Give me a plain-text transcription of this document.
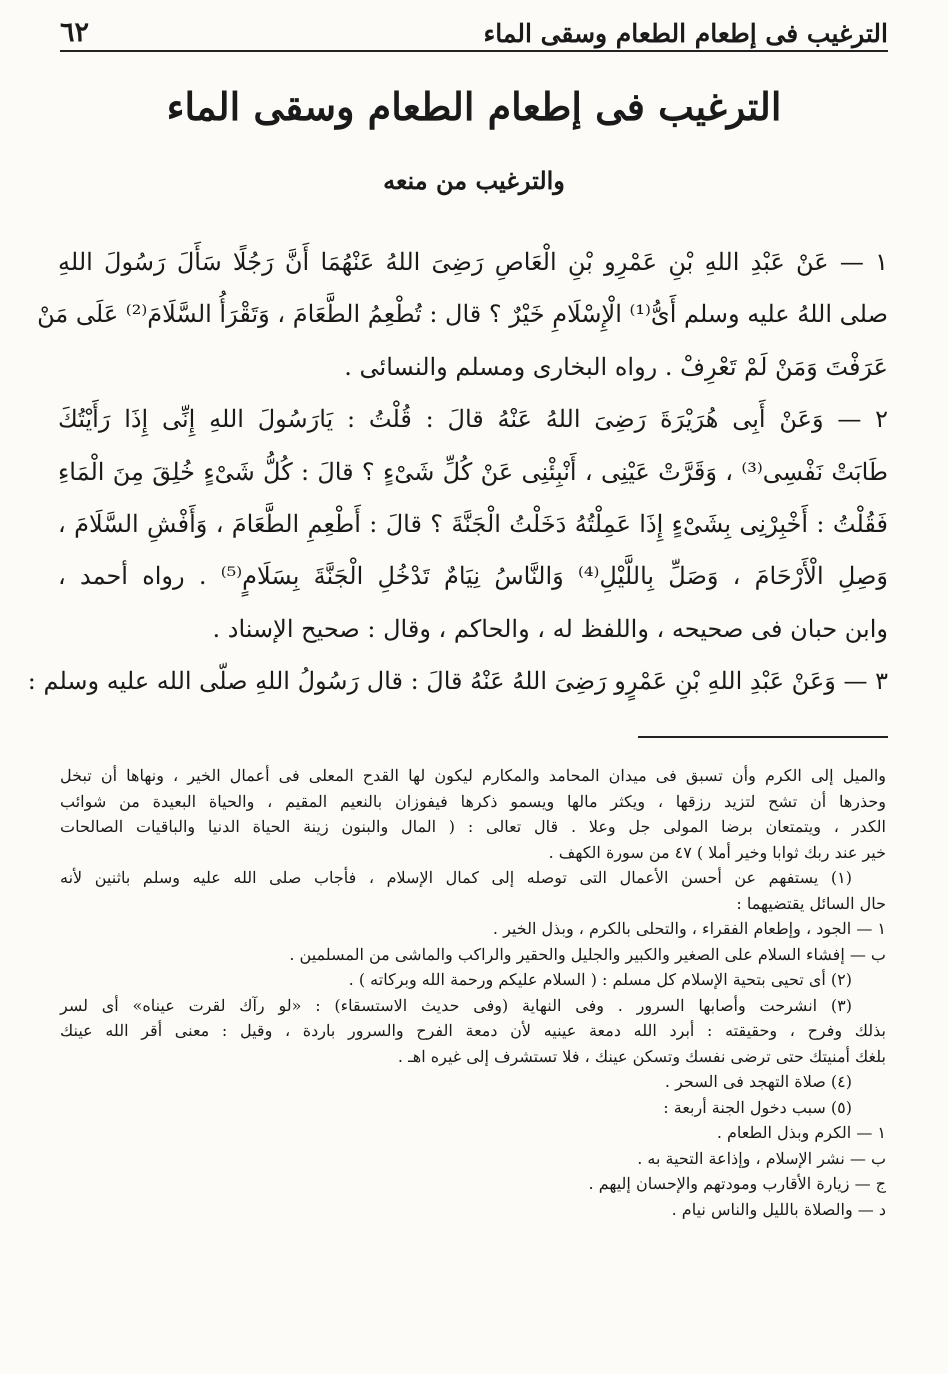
الترغيب فى إطعام الطعام وسقى الماء
٦٢
الترغيب فى إطعام الطعام وسقى الماء
والترغيب من منعه
١ — عَنْ عَبْدِ اللهِ بْنِ عَمْرِو بْنِ الْعَاصِ رَضِىَ اللهُ عَنْهُمَا أَنَّ رَجُلًا سَأَلَ رَسُولَ اللهِ
صلى اللهُ عليه وسلم أَىُّ⁽¹⁾ الْإِسْلَامِ خَيْرٌ ؟ قال : تُطْعِمُ الطَّعَامَ ، وَتَقْرَأُ السَّلَامَ⁽²⁾ عَلَى مَنْ
عَرَفْتَ وَمَنْ لَمْ تَعْرِفْ . رواه البخارى ومسلم والنسائى .
٢ — وَعَنْ أَبِى هُرَيْرَةَ رَضِىَ اللهُ عَنْهُ قالَ : قُلْتُ : يَارَسُولَ اللهِ إِنِّى إِذَا رَأَيْتُكَ
طَابَتْ نَفْسِى⁽³⁾ ، وَقَرَّتْ عَيْنِى ، أَنْبِئْنِى عَنْ كُلِّ شَىْءٍ ؟ قالَ : كُلُّ شَىْءٍ خُلِقَ مِنَ الْمَاءِ
فَقُلْتُ : أَخْبِرْنِى بِشَىْءٍ إِذَا عَمِلْتُهُ دَخَلْتُ الْجَنَّةَ ؟ قالَ : أَطْعِمِ الطَّعَامَ ، وَأَفْشِ السَّلَامَ ،
وَصِلِ الْأَرْحَامَ ، وَصَلِّ بِاللَّيْلِ⁽⁴⁾ وَالنَّاسُ نِيَامٌ تَدْخُلِ الْجَنَّةَ بِسَلَامٍ⁽⁵⁾ . رواه أحمد ،
وابن حبان فى صحيحه ، واللفظ له ، والحاكم ، وقال : صحيح الإسناد .
٣ — وَعَنْ عَبْدِ اللهِ بْنِ عَمْرٍو رَضِىَ اللهُ عَنْهُ قالَ : قال رَسُولُ اللهِ صلّى الله عليه وسلم :
والميل إلى الكرم وأن تسبق فى ميدان المحامد والمكارم ليكون لها القدح المعلى فى أعمال الخير ، ونهاها أن تبخل
وحذرها أن تشح لتزيد رزقها ، ويكثر مالها ويسمو ذكرها فيفوزان بالنعيم المقيم ، والحياة البعيدة من شوائب
الكدر ، ويتمتعان برضا المولى جل وعلا . قال تعالى : ( المال والبنون زينة الحياة الدنيا والباقيات الصالحات
خير عند ربك ثوابا وخير أملا ) ٤٧ من سورة الكهف .
(١) يستفهم عن أحسن الأعمال التى توصله إلى كمال الإسلام ، فأجاب صلى الله عليه وسلم باثنين لأنه
حال السائل يقتضيهما :
١ — الجود ، وإطعام الفقراء ، والتحلى بالكرم ، وبذل الخير .
ب — إفشاء السلام على الصغير والكبير والجليل والحقير والراكب والماشى من المسلمين .
(٢) أى تحيى بتحية الإسلام كل مسلم : ( السلام عليكم ورحمة الله وبركاته ) .
(٣) انشرحت وأصابها السرور . وفى النهاية (وفى حديث الاستسقاء) : «لو رآك لقرت عيناه» أى لسر
بذلك وفرح ، وحقيقته : أبرد الله دمعة عينيه لأن دمعة الفرح والسرور باردة ، وقيل : معنى أقر الله عينك
بلغك أمنيتك حتى ترضى نفسك وتسكن عينك ، فلا تستشرف إلى غيره اهـ .
(٤) صلاة التهجد فى السحر .
(٥) سبب دخول الجنة أربعة :
١ — الكرم وبذل الطعام .
ب — نشر الإسلام ، وإذاعة التحية به .
ج — زيارة الأقارب ومودتهم والإحسان إليهم .
د — والصلاة بالليل والناس نيام .
